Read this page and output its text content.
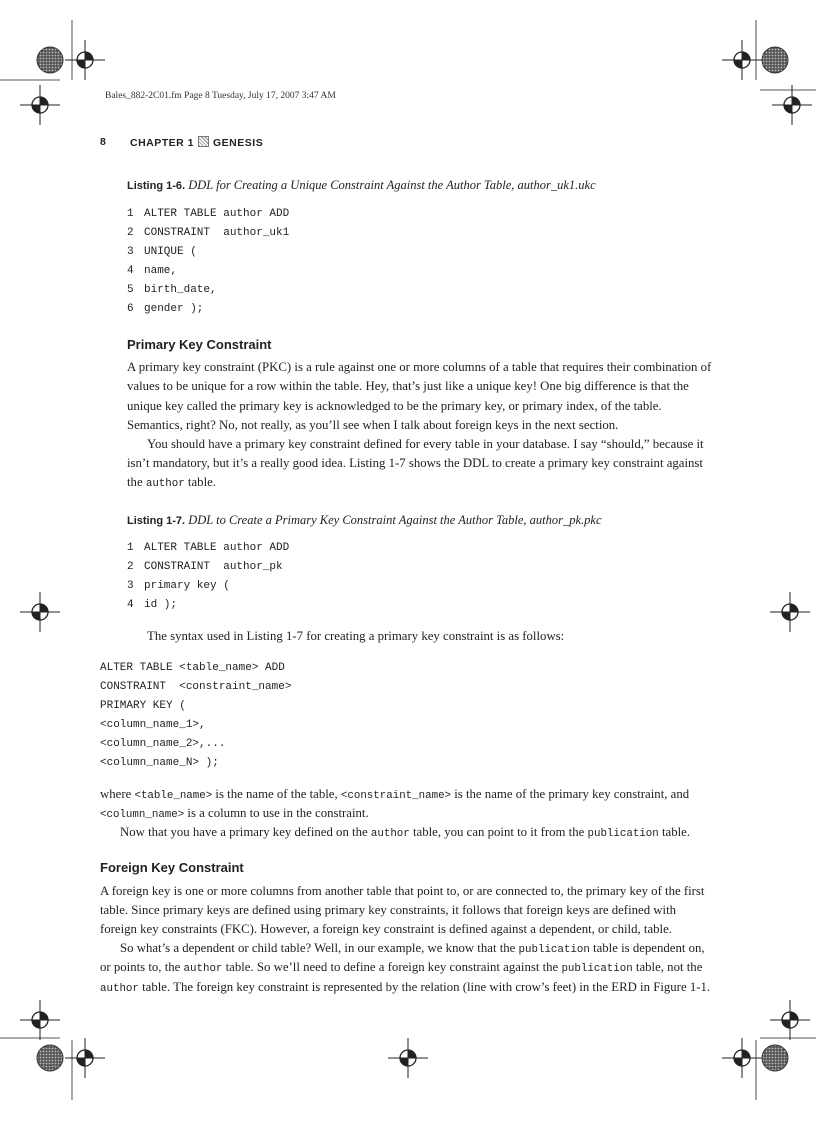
Bales_882-2C01.fm Page 8 Tuesday, July 17, 2007 3:47 AM
8 CHAPTER 1 GENESIS
Listing 1-6. DDL for Creating a Unique Constraint Against the Author Table, author_uk1.ukc
1 ALTER TABLE author ADD
2 CONSTRAINT  author_uk1
3 UNIQUE (
4 name,
5 birth_date,
6 gender );
Primary Key Constraint

A primary key constraint (PKC) is a rule against one or more columns of a table that requires their combination of values to be unique for a row within the table. Hey, that’s just like a unique key! One big difference is that the unique key called the primary key is acknowledged to be the primary key, or primary index, of the table. Semantics, right? No, not really, as you’ll see when I talk about foreign keys in the next section.

You should have a primary key constraint defined for every table in your database. I say “should,” because it isn’t mandatory, but it’s a really good idea. Listing 1-7 shows the DDL to create a primary key constraint against the author table.

Listing 1-7. DDL to Create a Primary Key Constraint Against the Author Table, author_pk.pkc
1 ALTER TABLE author ADD
2 CONSTRAINT  author_pk
3 primary key (
4 id );

The syntax used in Listing 1-7 for creating a primary key constraint is as follows:

ALTER TABLE <table_name> ADD
CONSTRAINT  <constraint_name>
PRIMARY KEY (
<column_name_1>,
<column_name_2>,...
<column_name_N> );

where <table_name> is the name of the table, <constraint_name> is the name of the primary key constraint, and <column_name> is a column to use in the constraint.

Now that you have a primary key defined on the author table, you can point to it from the publication table.

Foreign Key Constraint

A foreign key is one or more columns from another table that point to, or are connected to, the primary key of the first table. Since primary keys are defined using primary key constraints, it follows that foreign keys are defined with foreign key constraints (FKC). However, a foreign key constraint is defined against a dependent, or child, table.

So what’s a dependent or child table? Well, in our example, we know that the publication table is dependent on, or points to, the author table. So we’ll need to define a foreign key constraint against the publication table, not the author table. The foreign key constraint is represented by the relation (line with crow’s feet) in the ERD in Figure 1-1.
